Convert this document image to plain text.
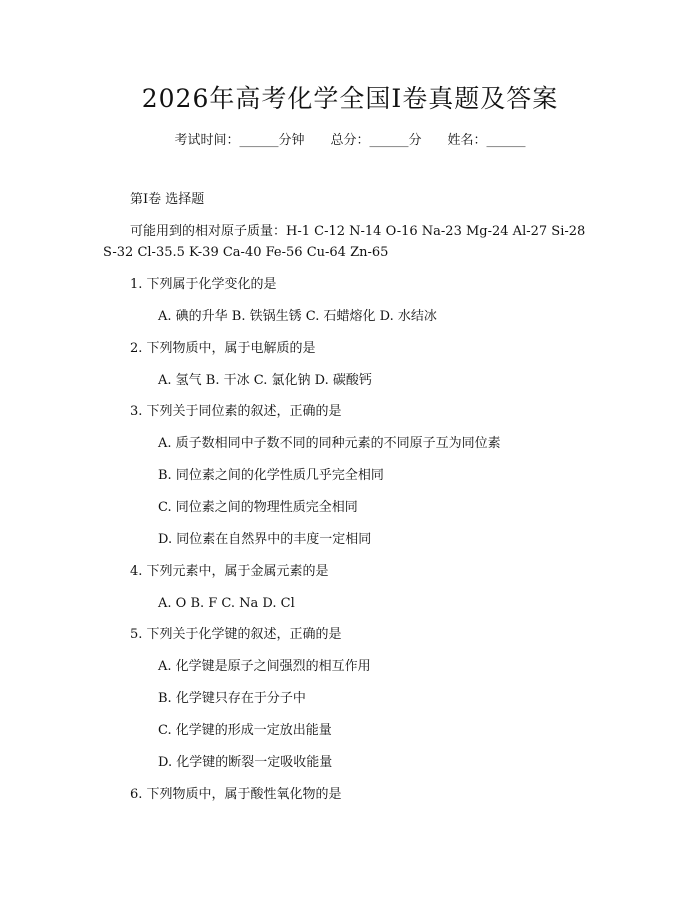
2026年高考化学全国Ⅰ卷真题及答案
考试时间：______分钟 总分：______分 姓名：______
第Ⅰ卷 选择题
可能用到的相对原子质量：H-1 C-12 N-14 O-16 Na-23 Mg-24 Al-27 Si-28
S-32 Cl-35.5 K-39 Ca-40 Fe-56 Cu-64 Zn-65
1. 下列属于化学变化的是
A. 碘的升华 B. 铁锅生锈 C. 石蜡熔化 D. 水结冰
2. 下列物质中，属于电解质的是
A. 氢气 B. 干冰 C. 氯化钠 D. 碳酸钙
3. 下列关于同位素的叙述，正确的是
A. 质子数相同中子数不同的同种元素的不同原子互为同位素
B. 同位素之间的化学性质几乎完全相同
C. 同位素之间的物理性质完全相同
D. 同位素在自然界中的丰度一定相同
4. 下列元素中，属于金属元素的是
A. O B. F C. Na D. Cl
5. 下列关于化学键的叙述，正确的是
A. 化学键是原子之间强烈的相互作用
B. 化学键只存在于分子中
C. 化学键的形成一定放出能量
D. 化学键的断裂一定吸收能量
6. 下列物质中，属于酸性氧化物的是
